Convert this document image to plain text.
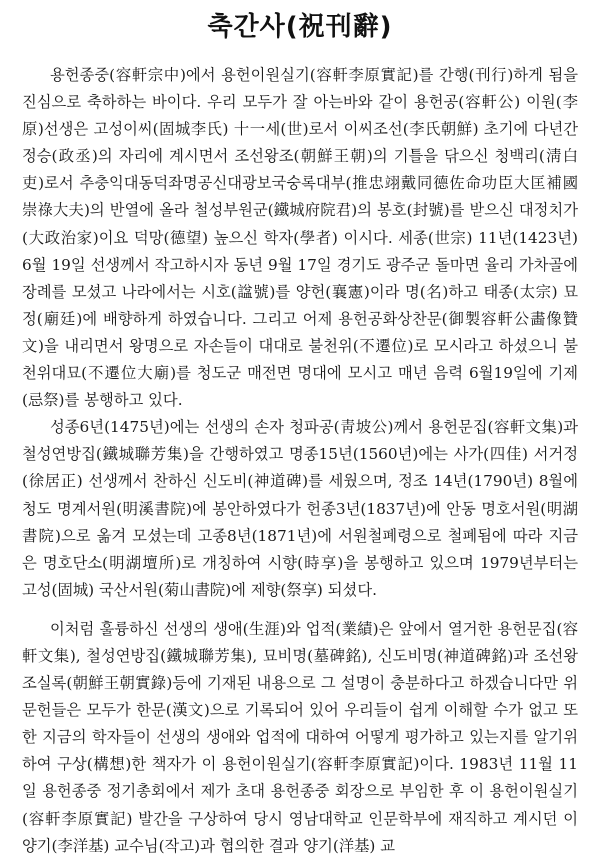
축간사(祝刊辭)

용헌종중(容軒宗中)에서 용헌이원실기(容軒李原實記)를 간행(刊行)하게 됨을 진심으로 축하하는 바이다. 우리 모두가 잘 아는바와 같이 용헌공(容軒公) 이원(李原)선생은 고성이씨(固城李氏) 十一세(世)로서 이씨조선(李氏朝鮮) 초기에 다년간 정승(政丞)의 자리에 계시면서 조선왕조(朝鮮王朝)의 기틀을 닦으신 청백리(淸白吏)로서 추충익대동덕좌명공신대광보국숭록대부(推忠翊戴同德佐命功臣大匡補國崇祿大夫)의 반열에 올라 철성부원군(鐵城府院君)의 봉호(封號)를 받으신 대정치가(大政治家)이요 덕망(德望) 높으신 학자(學者) 이시다. 세종(世宗) 11년(1423년) 6월 19일 선생께서 작고하시자 동년 9월 17일 경기도 광주군 돌마면 율리 가차골에 장례를 모셨고 나라에서는 시호(諡號)를 양헌(襄憲)이라 명(名)하고 태종(太宗) 묘정(廟廷)에 배향하게 하였습니다. 그리고 어제 용헌공화상찬문(御製容軒公畵像贊文)을 내리면서 왕명으로 자손들이 대대로 불천위(不遷位)로 모시라고 하셨으니 불천위대묘(不遷位大廟)를 청도군 매전면 명대에 모시고 매년 음력 6월19일에 기제(忌祭)를 봉행하고 있다.

성종6년(1475년)에는 선생의 손자 청파공(靑坡公)께서 용헌문집(容軒文集)과 철성연방집(鐵城聯芳集)을 간행하였고 명종15년(1560년)에는 사가(四佳) 서거정(徐居正) 선생께서 찬하신 신도비(神道碑)를 세웠으며, 정조 14년(1790년) 8월에 청도 명계서원(明溪書院)에 봉안하였다가 헌종3년(1837년)에 안동 명호서원(明湖書院)으로 옮겨 모셨는데 고종8년(1871년)에 서원철폐령으로 철폐됨에 따라 지금은 명호단소(明湖壇所)로 개칭하여 시향(時享)을 봉행하고 있으며 1979년부터는 고성(固城) 국산서원(菊山書院)에 제향(祭享) 되셨다.

이처럼 훌륭하신 선생의 생애(生涯)와 업적(業績)은 앞에서 열거한 용헌문집(容軒文集), 철성연방집(鐵城聯芳集), 묘비명(墓碑銘), 신도비명(神道碑銘)과 조선왕조실록(朝鮮王朝實錄)등에 기재된 내용으로 그 설명이 충분하다고 하겠습니다만 위 문헌들은 모두가 한문(漢文)으로 기록되어 있어 우리들이 쉽게 이해할 수가 없고 또한 지금의 학자들이 선생의 생애와 업적에 대하여 어떻게 평가하고 있는지를 알기위하여 구상(構想)한 책자가 이 용헌이원실기(容軒李原實記)이다. 1983년 11월 11일 용헌종중 정기총회에서 제가 초대 용헌종중 회장으로 부임한 후 이 용헌이원실기(容軒李原實記) 발간을 구상하여 당시 영남대학교 인문학부에 재직하고 계시던 이양기(李洋基) 교수님(작고)과 협의한 결과 양기(洋基) 교
